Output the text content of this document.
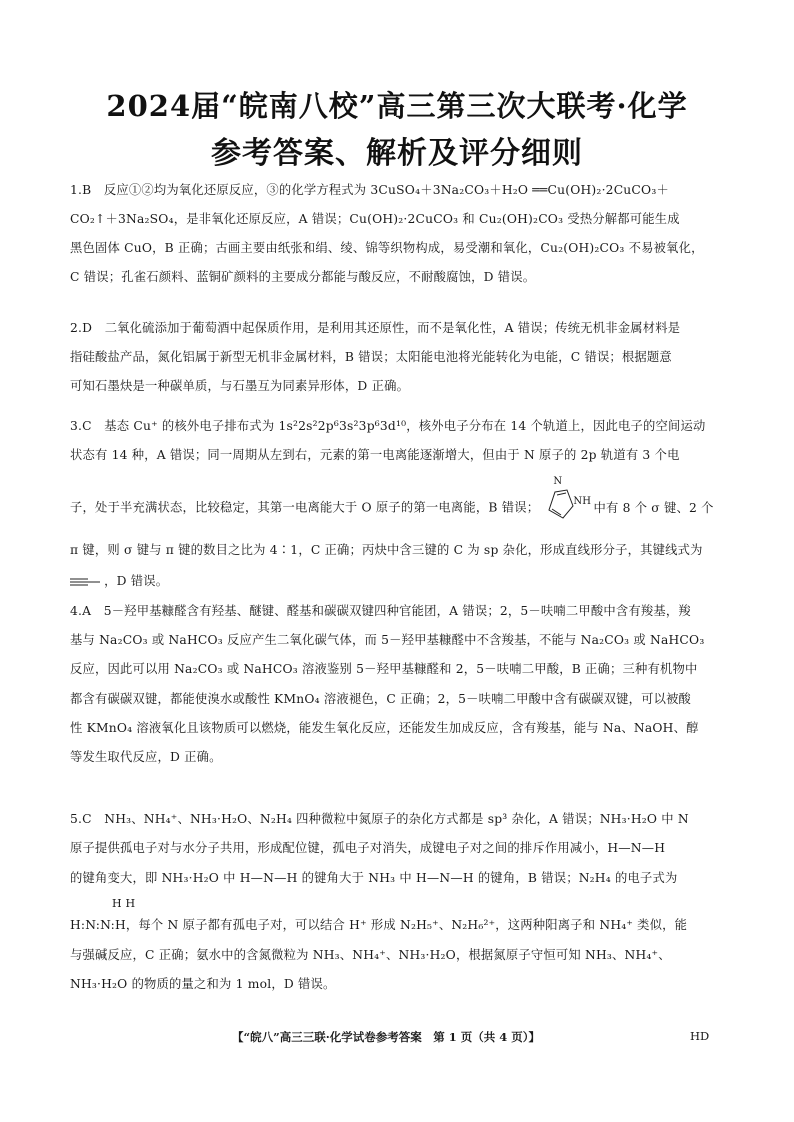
2024届“皖南八校”高三第三次大联考·化学
参考答案、解析及评分细则
1.B　反应①②均为氧化还原反应，③的化学方程式为 3CuSO₄＋3Na₂CO₃＋H₂O ══Cu(OH)₂·2CuCO₃＋
CO₂↑＋3Na₂SO₄，是非氧化还原反应，A 错误；Cu(OH)₂·2CuCO₃ 和 Cu₂(OH)₂CO₃ 受热分解都可能生成
黑色固体 CuO，B 正确；古画主要由纸张和绢、绫、锦等织物构成，易受潮和氧化，Cu₂(OH)₂CO₃ 不易被氧化，
C 错误；孔雀石颜料、蓝铜矿颜料的主要成分都能与酸反应，不耐酸腐蚀，D 错误。
2.D　二氧化硫添加于葡萄酒中起保质作用，是利用其还原性，而不是氧化性，A 错误；传统无机非金属材料是
指硅酸盐产品，氮化铝属于新型无机非金属材料，B 错误；太阳能电池将光能转化为电能，C 错误；根据题意
可知石墨炔是一种碳单质，与石墨互为同素异形体，D 正确。
3.C　基态 Cu⁺ 的核外电子排布式为 1s²2s²2p⁶3s²3p⁶3d¹⁰，核外电子分布在 14 个轨道上，因此电子的空间运动
状态有 14 种，A 错误；同一周期从左到右，元素的第一电离能逐渐增大，但由于 N 原子的 2p 轨道有 3 个电
子，处于半充满状态，比较稳定，其第一电离能大于 O 原子的第一电离能，B 错误；
N
NH 中有 8 个 σ 键、2 个
π 键，则 σ 键与 π 键的数目之比为 4∶1，C 正确；丙炔中含三键的 C 为 sp 杂化，形成直线形分子，其键线式为
，D 错误。
4.A　5－羟甲基糠醛含有羟基、醚键、醛基和碳碳双键四种官能团，A 错误；2，5－呋喃二甲酸中含有羧基，羧
基与 Na₂CO₃ 或 NaHCO₃ 反应产生二氧化碳气体，而 5－羟甲基糠醛中不含羧基，不能与 Na₂CO₃ 或 NaHCO₃
反应，因此可以用 Na₂CO₃ 或 NaHCO₃ 溶液鉴别 5－羟甲基糠醛和 2，5－呋喃二甲酸，B 正确；三种有机物中
都含有碳碳双键，都能使溴水或酸性 KMnO₄ 溶液褪色，C 正确；2，5－呋喃二甲酸中含有碳碳双键，可以被酸
性 KMnO₄ 溶液氧化且该物质可以燃烧，能发生氧化反应，还能发生加成反应，含有羧基，能与 Na、NaOH、醇
等发生取代反应，D 正确。
5.C　NH₃、NH₄⁺、NH₃·H₂O、N₂H₄ 四种微粒中氮原子的杂化方式都是 sp³ 杂化，A 错误；NH₃·H₂O 中 N
原子提供孤电子对与水分子共用，形成配位键，孤电子对消失，成键电子对之间的排斥作用减小，H—N—H
的键角变大，即 NH₃·H₂O 中 H—N—H 的键角大于 NH₃ 中 H—N—H 的键角，B 错误；N₂H₄ 的电子式为
H H
H:N:N:H，每个 N 原子都有孤电子对，可以结合 H⁺ 形成 N₂H₅⁺、N₂H₆²⁺，这两种阳离子和 NH₄⁺ 类似，能
与强碱反应，C 正确；氨水中的含氮微粒为 NH₃、NH₄⁺、NH₃·H₂O，根据氮原子守恒可知 NH₃、NH₄⁺、
NH₃·H₂O 的物质的量之和为 1 mol，D 错误。
【“皖八”高三三联·化学试卷参考答案　第 1 页（共 4 页）】	HD
